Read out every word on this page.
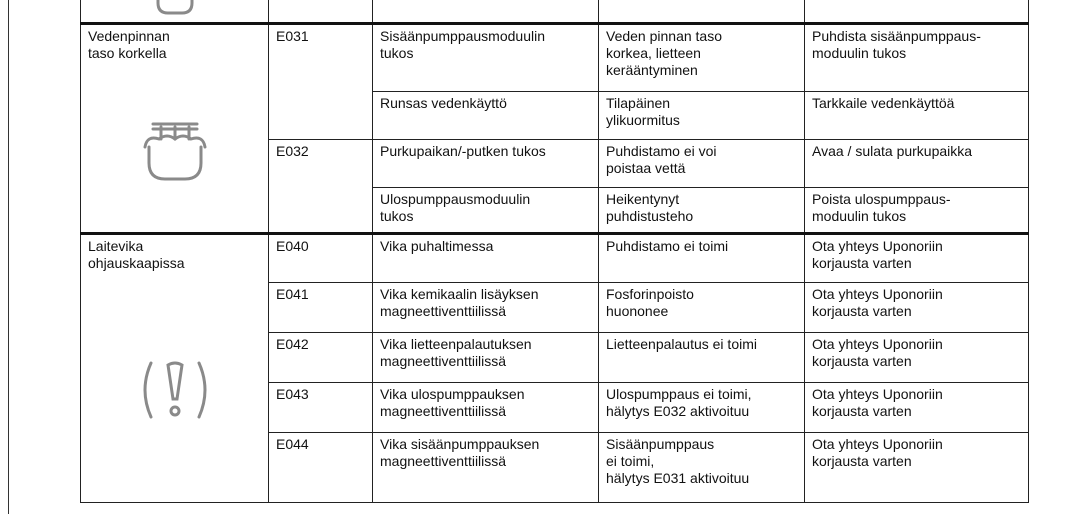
Vedenpinnan
taso korkella	E031	Sisäänpumppausmoduulin
tukos	Veden pinnan taso
korkea, lietteen
kerääntyminen	Puhdista sisäänpumppaus-
moduulin tukos
		Runsas vedenkäyttö	Tilapäinen
ylikuormitus	Tarkkaile vedenkäyttöä
	E032	Purkupaikan/-putken tukos	Puhdistamo ei voi
poistaa vettä	Avaa / sulata purkupaikka
		Ulospumppausmoduulin
tukos	Heikentynyt
puhdistusteho	Poista ulospumppaus-
moduulin tukos

Laitevika
ohjauskaapissa	E040	Vika puhaltimessa	Puhdistamo ei toimi	Ota yhteys Uponoriin
korjausta varten
	E041	Vika kemikaalin lisäyksen
magneettiventtiilissä	Fosforinpoisto
huononee	Ota yhteys Uponoriin
korjausta varten
	E042	Vika lietteenpalautuksen
magneettiventtiilissä	Lietteenpalautus ei toimi	Ota yhteys Uponoriin
korjausta varten
	E043	Vika ulospumppauksen
magneettiventtiilissä	Ulospumppaus ei toimi,
hälytys E032 aktivoituu	Ota yhteys Uponoriin
korjausta varten
	E044	Vika sisäänpumppauksen
magneettiventtiilissä	Sisäänpumppaus
ei toimi,
hälytys E031 aktivoituu	Ota yhteys Uponoriin
korjausta varten
